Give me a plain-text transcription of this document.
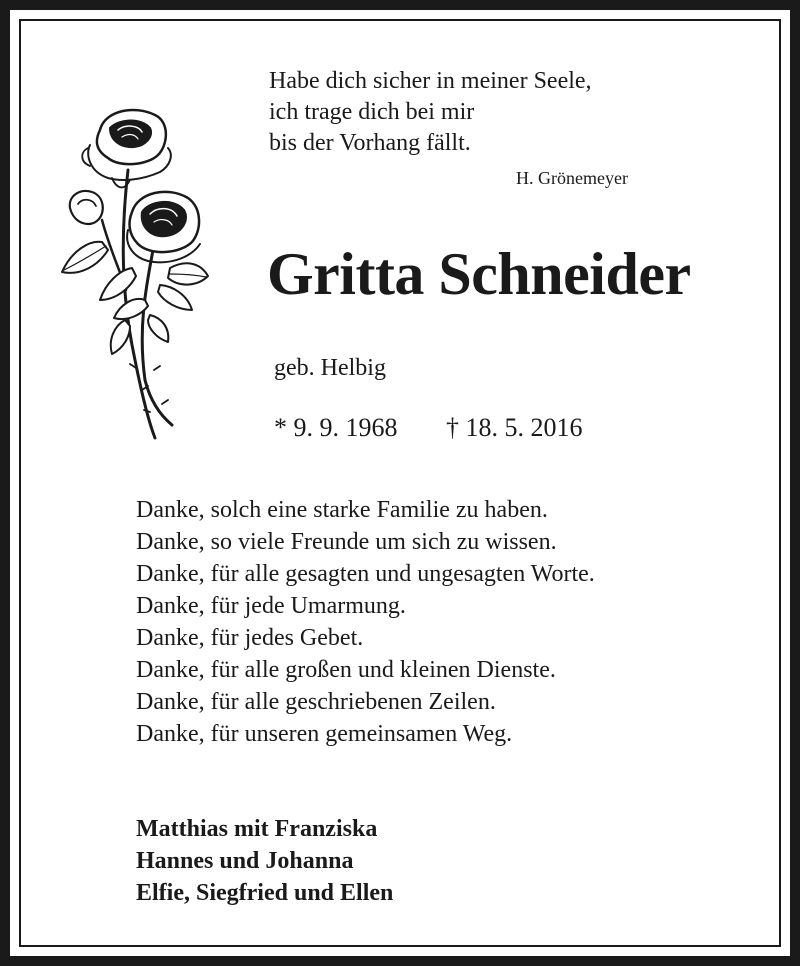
Habe dich sicher in meiner Seele,
ich trage dich bei mir
bis der Vorhang fällt.
H. Grönemeyer
Gritta Schneider
geb. Helbig
* 9. 9. 1968 † 18. 5. 2016
Danke, solch eine starke Familie zu haben.
Danke, so viele Freunde um sich zu wissen.
Danke, für alle gesagten und ungesagten Worte.
Danke, für jede Umarmung.
Danke, für jedes Gebet.
Danke, für alle großen und kleinen Dienste.
Danke, für alle geschriebenen Zeilen.
Danke, für unseren gemeinsamen Weg.
Matthias mit Franziska
Hannes und Johanna
Elfie, Siegfried und Ellen
